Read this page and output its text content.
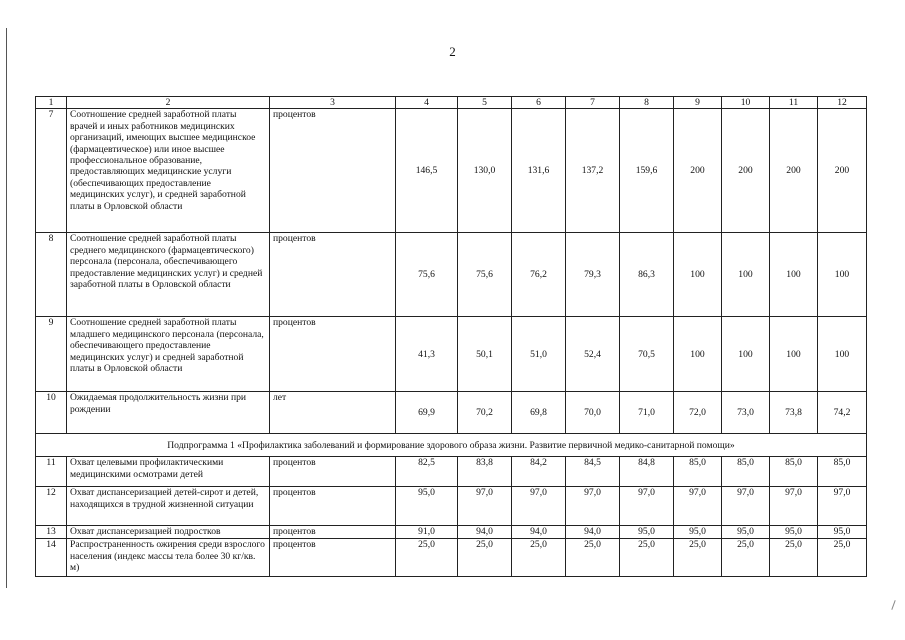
2
1	2	3	4	5	6	7	8	9	10	11	12
7	Соотношение средней заработной платы врачей и иных работников медицинских организаций, имеющих высшее медицинское (фармацевтическое) или иное высшее профессиональное образование, предоставляющих медицинские услуги (обеспечивающих предоставление медицинских услуг), и средней заработной платы в Орловской области	процентов	146,5	130,0	131,6	137,2	159,6	200	200	200	200
8	Соотношение средней заработной платы среднего медицинского (фармацевтического) персонала (персонала, обеспечивающего предоставление медицинских услуг) и средней заработной платы в Орловской области	процентов	75,6	75,6	76,2	79,3	86,3	100	100	100	100
9	Соотношение средней заработной платы младшего медицинского персонала (персонала, обеспечивающего предоставление медицинских услуг) и средней заработной платы в Орловской области	процентов	41,3	50,1	51,0	52,4	70,5	100	100	100	100
10	Ожидаемая продолжительность жизни при рождении	лет	69,9	70,2	69,8	70,0	71,0	72,0	73,0	73,8	74,2
Подпрограмма 1 «Профилактика заболеваний и формирование здорового образа жизни. Развитие первичной медико-санитарной помощи»											
11	Охват целевыми профилактическими медицинскими осмотрами детей	процентов	82,5	83,8	84,2	84,5	84,8	85,0	85,0	85,0	85,0
12	Охват диспансеризацией детей-сирот и детей, находящихся в трудной жизненной ситуации	процентов	95,0	97,0	97,0	97,0	97,0	97,0	97,0	97,0	97,0
13	Охват диспансеризацией подростков	процентов	91,0	94,0	94,0	94,0	95,0	95,0	95,0	95,0	95,0
14	Распространенность ожирения среди взрослого населения (индекс массы тела более 30 кг/кв. м)	процентов	25,0	25,0	25,0	25,0	25,0	25,0	25,0	25,0	25,0
